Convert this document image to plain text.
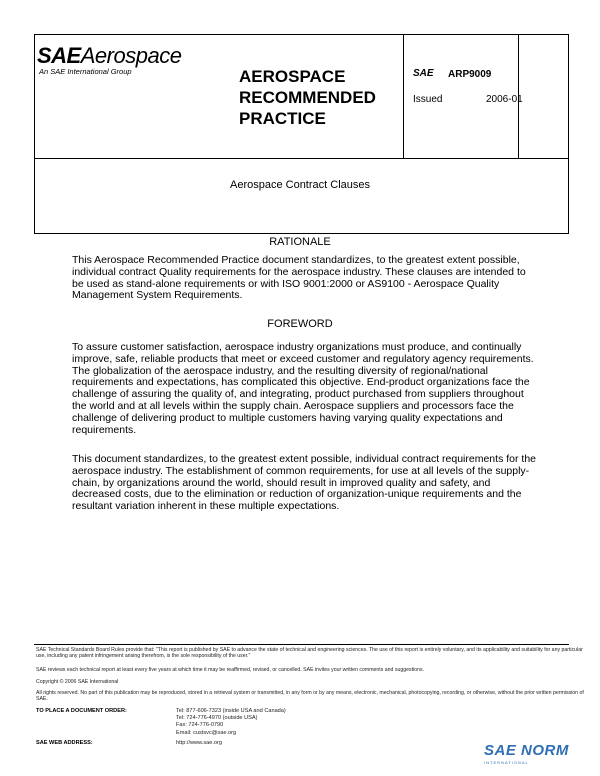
SAEAerospace
An SAE International Group	AEROSPACE
RECOMMENDED
PRACTICE
SAE ARP9009
Issued	2006-01
Aerospace Contract Clauses
RATIONALE
This Aerospace Recommended Practice document standardizes, to the greatest extent possible, individual contract Quality requirements for the aerospace industry. These clauses are intended to be used as stand-alone requirements or with ISO 9001:2000 or AS9100 - Aerospace Quality Management System Requirements.
FOREWORD
To assure customer satisfaction, aerospace industry organizations must produce, and continually improve, safe, reliable products that meet or exceed customer and regulatory agency requirements. The globalization of the aerospace industry, and the resulting diversity of regional/national requirements and expectations, has complicated this objective. End-product organizations face the challenge of assuring the quality of, and integrating, product purchased from suppliers throughout the world and at all levels within the supply chain. Aerospace suppliers and processors face the challenge of delivering product to multiple customers having varying quality expectations and requirements.
This document standardizes, to the greatest extent possible, individual contract requirements for the aerospace industry. The establishment of common requirements, for use at all levels of the supply-chain, by organizations around the world, should result in improved quality and safety, and decreased costs, due to the elimination or reduction of organization-unique requirements and the resultant variation inherent in these multiple expectations.
SAE Technical Standards Board Rules provide that: "This report is published by SAE to advance the state of technical and engineering sciences. The use of this report is entirely voluntary, and its applicability and suitability for any particular use, including any patent infringement arising therefrom, is the sole responsibility of the user."
SAE reviews each technical report at least every five years at which time it may be reaffirmed, revised, or cancelled. SAE invites your written comments and suggestions.
Copyright © 2006 SAE International
All rights reserved. No part of this publication may be reproduced, stored in a retrieval system or transmitted, in any form or by any means, electronic, mechanical, photocopying, recording, or otherwise, without the prior written permission of SAE.
TO PLACE A DOCUMENT ORDER:	Tel: 877-606-7323 (inside USA and Canada)
Tel: 724-776-4970 (outside USA)
Fax: 724-776-0790
Email: custsvc@sae.org
SAE WEB ADDRESS:	http://www.sae.org	SAE NORM
INTERNATIONAL
